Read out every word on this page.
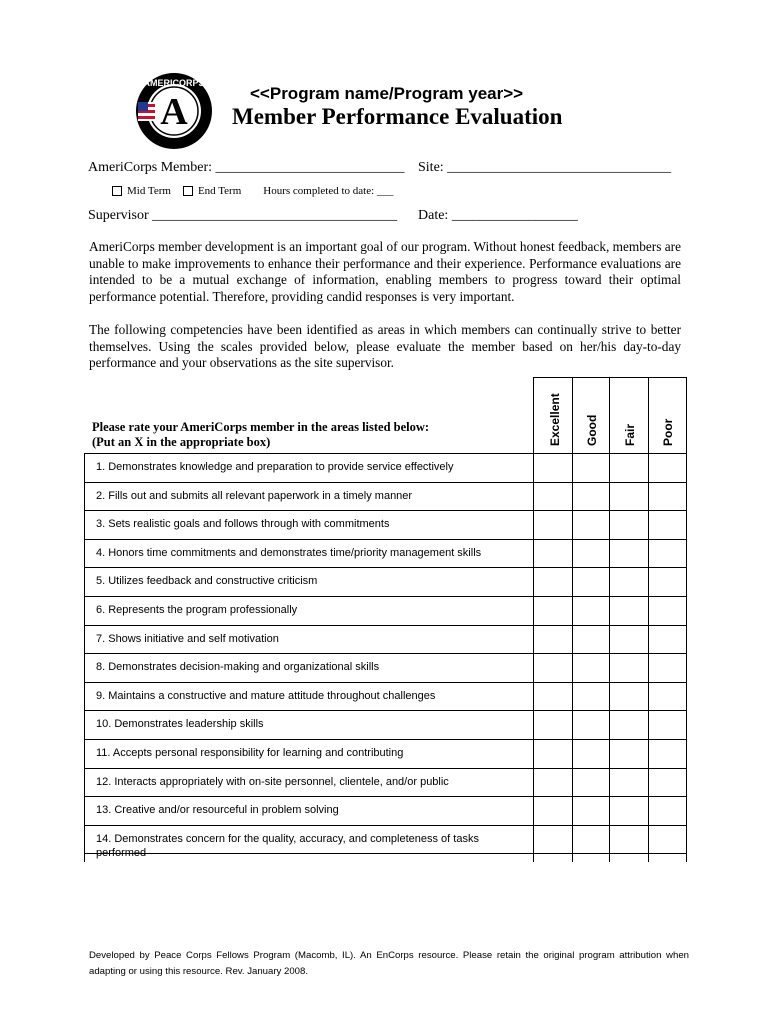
AMERICORPS
A	<<Program name/Program year>>
Member Performance Evaluation
AmeriCorps Member: ___________________________ Site: ________________________________
Mid Term End Term Hours completed to date: ___
Supervisor ___________________________________ Date: __________________
AmeriCorps member development is an important goal of our program. Without honest feedback, members are unable to make improvements to enhance their performance and their experience. Performance evaluations are intended to be a mutual exchange of information, enabling members to progress toward their optimal performance potential. Therefore, providing candid responses is very important.
The following competencies have been identified as areas in which members can continually strive to better themselves. Using the scales provided below, please evaluate the member based on her/his day-to-day performance and your observations as the site supervisor.
Please rate your AmeriCorps member in the areas listed below:
(Put an X in the appropriate box)	Excellent Good Fair Poor
1. Demonstrates knowledge and preparation to provide service effectively
2. Fills out and submits all relevant paperwork in a timely manner
3. Sets realistic goals and follows through with commitments
4. Honors time commitments and demonstrates time/priority management skills
5. Utilizes feedback and constructive criticism
6. Represents the program professionally
7. Shows initiative and self motivation
8. Demonstrates decision-making and organizational skills
9. Maintains a constructive and mature attitude throughout challenges
10. Demonstrates leadership skills
11. Accepts personal responsibility for learning and contributing
12. Interacts appropriately with on-site personnel, clientele, and/or public
13. Creative and/or resourceful in problem solving
14. Demonstrates concern for the quality, accuracy, and completeness of tasks performed
Developed by Peace Corps Fellows Program (Macomb, IL). An EnCorps resource. Please retain the original program attribution when adapting or using this resource. Rev. January 2008.
